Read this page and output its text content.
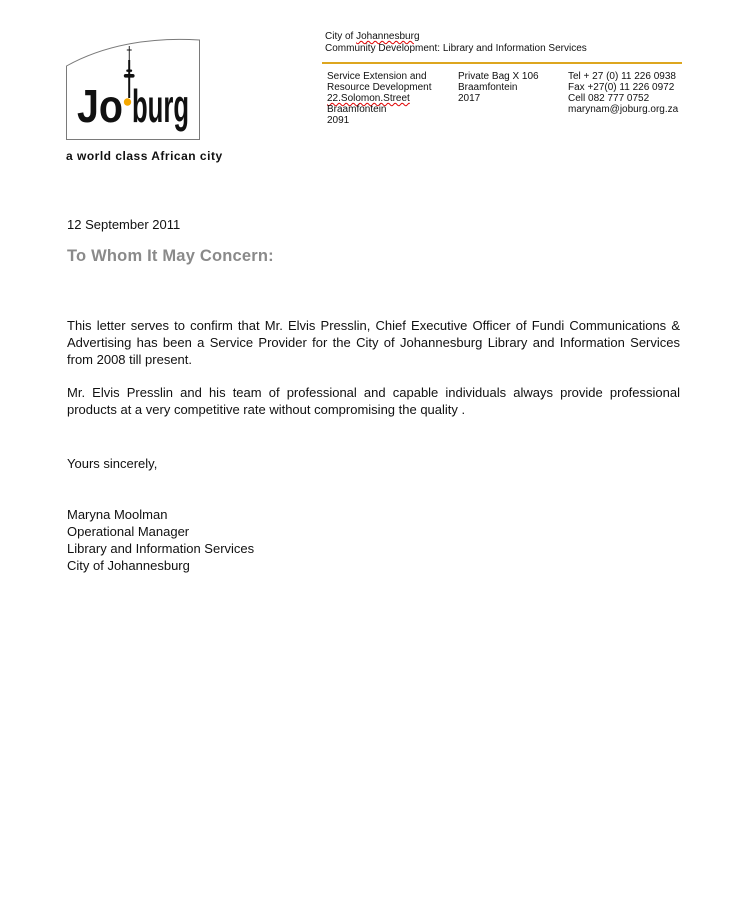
Jo burg
a world class African city
City of Johannesburg
Community Development: Library and Information Services
Service Extension and
Resource Development
22.Solomon.Street
Braamfontein
2091
Private Bag X 106
Braamfontein
2017
Tel + 27 (0) 11 226 0938
Fax +27(0) 11 226 0972
Cell 082 777 0752
marynam@joburg.org.za
12 September 2011
To Whom It May Concern:

This letter serves to confirm that Mr. Elvis Presslin, Chief Executive Officer of Fundi Communications & Advertising has been a Service Provider for the City of Johannesburg Library and Information Services from 2008 till present.

Mr. Elvis Presslin and his team of professional and capable individuals always provide professional products at a very competitive rate without compromising the quality .

Yours sincerely,
Maryna Moolman
Operational Manager
Library and Information Services
City of Johannesburg
